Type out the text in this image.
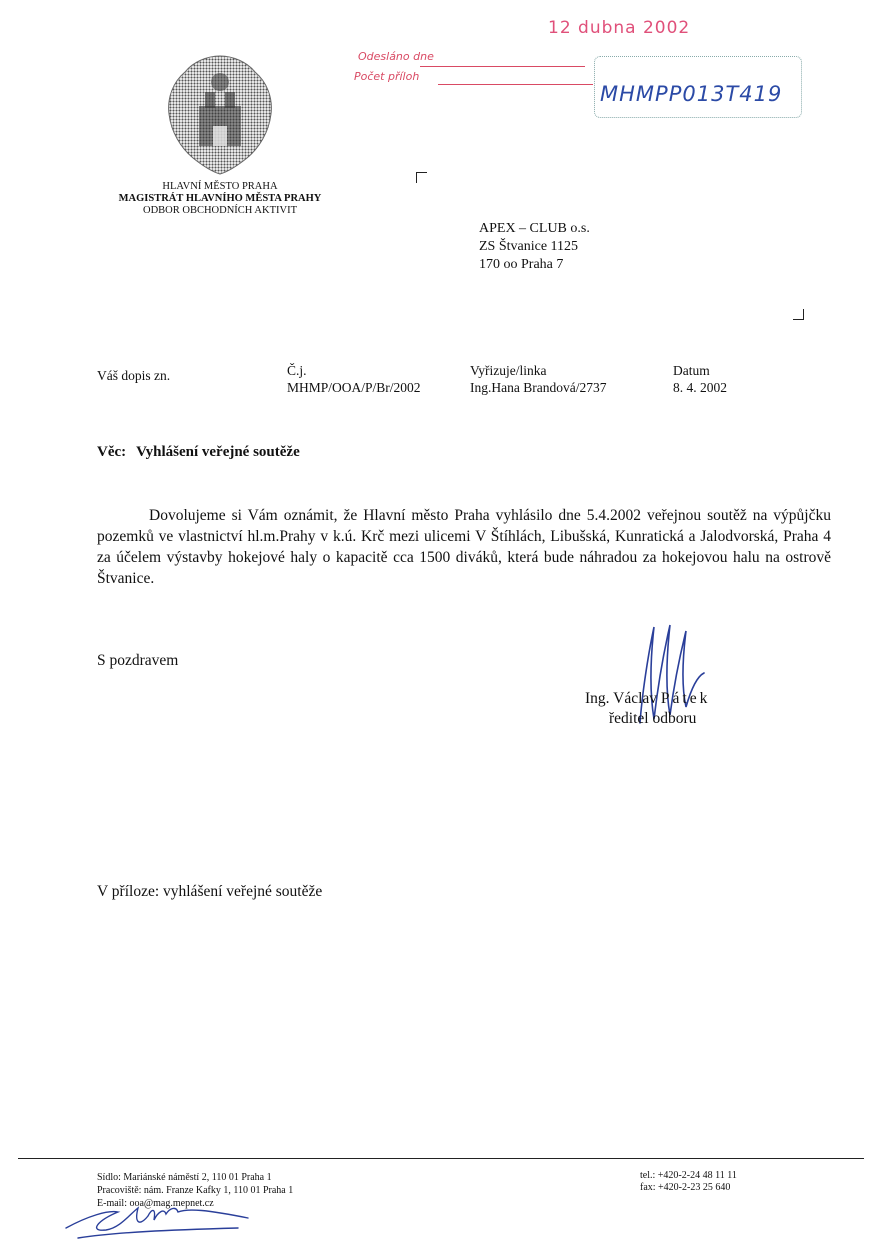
HLAVNÍ MĚSTO PRAHA
MAGISTRÁT HLAVNÍHO MĚSTA PRAHY
ODBOR OBCHODNÍCH AKTIVIT
12 dubna 2002
Odesláno dne
Počet příloh
MHMPP013T419
APEX – CLUB o.s.
ZS Štvanice 1125
170 oo Praha 7
Váš dopis zn.	Č.j.
MHMP/OOA/P/Br/2002
Vyřizuje/linka
Ing.Hana Brandová/2737
Datum
8. 4. 2002
Věc: Vyhlášení veřejné soutěže
Dovolujeme si Vám oznámit, že Hlavní město Praha vyhlásilo dne 5.4.2002 veřejnou soutěž na výpůjčku pozemků ve vlastnictví hl.m.Prahy v k.ú. Krč mezi ulicemi V Štíhlách, Libušská, Kunratická a Jalodvorská, Praha 4 za účelem výstavby hokejové haly o kapacitě cca 1500 diváků, která bude náhradou za hokejovou halu na ostrově Štvanice.
S pozdravem
Ing. Václav Pátek
ředitel odboru
V příloze: vyhlášení veřejné soutěže
Sídlo: Mariánské náměstí 2, 110 01 Praha 1
Pracoviště: nám. Franze Kafky 1, 110 01 Praha 1
E-mail: ooa@mag.mepnet.cz
tel.: +420-2-24 48 11 11
fax: +420-2-23 25 640
